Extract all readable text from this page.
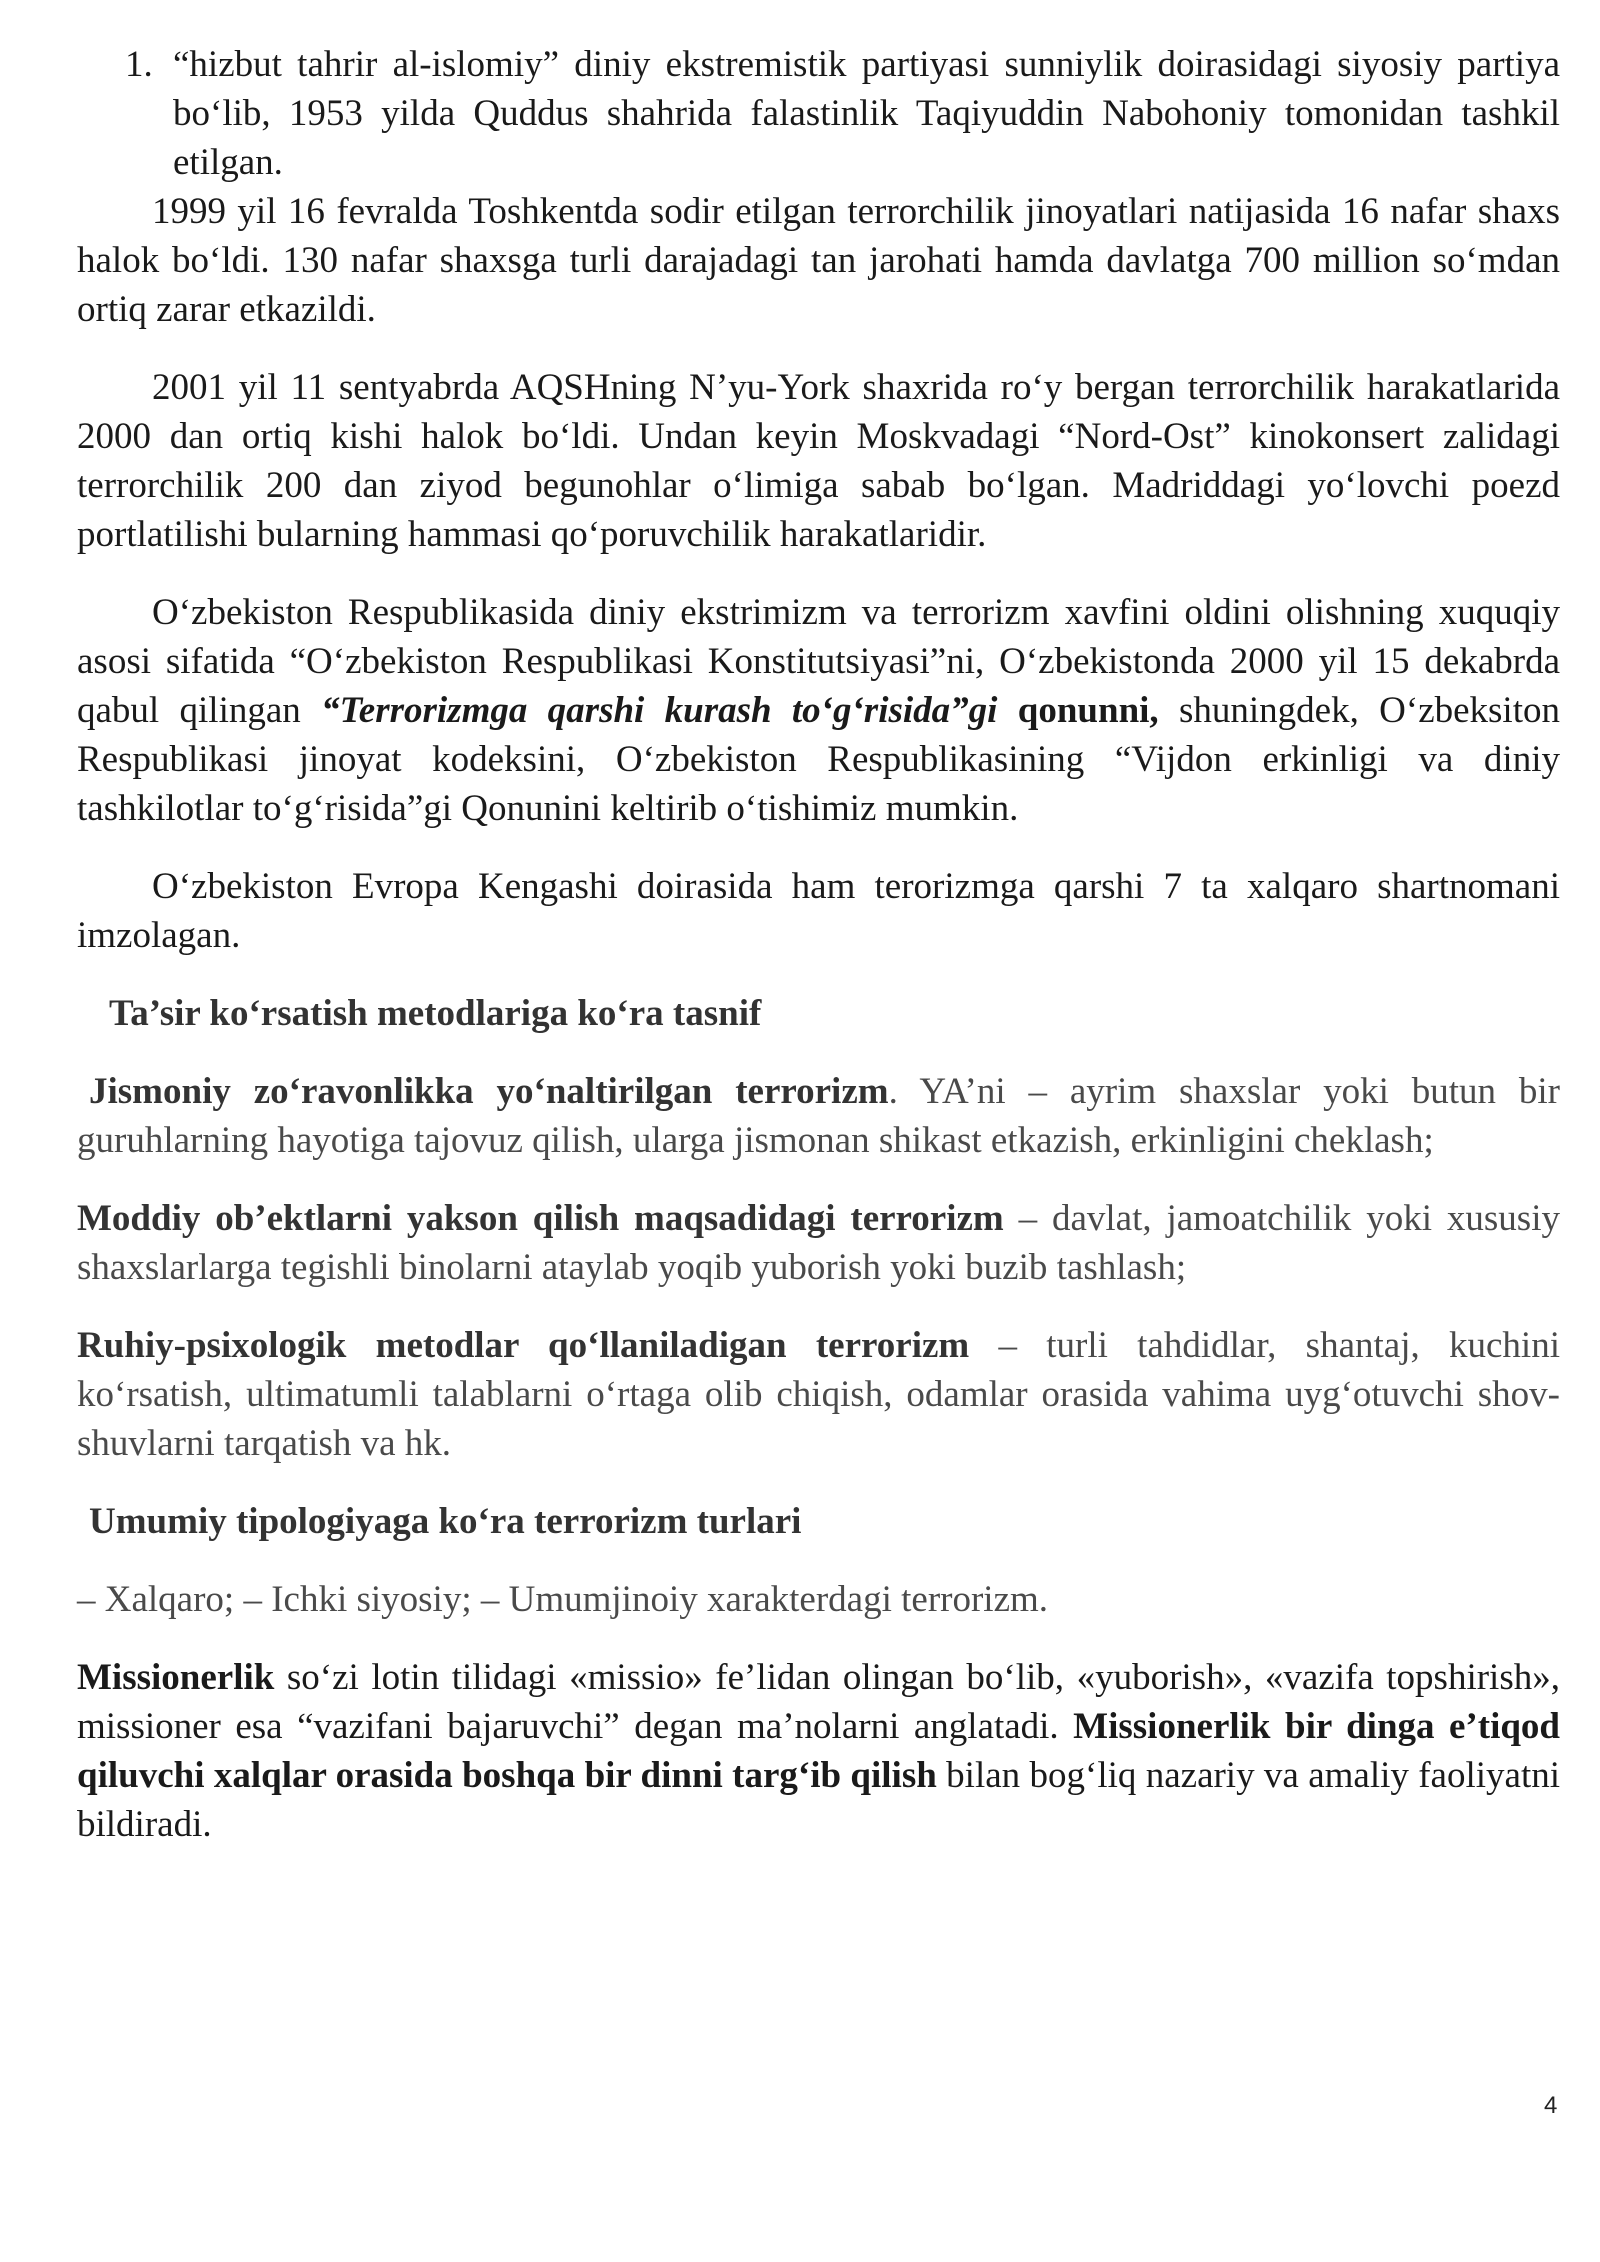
1. “hizbut tahrir al-islomiy” diniy ekstremistik partiyasi sunniylik doirasidagi siyosiy partiya bo‘lib, 1953 yilda Quddus shahrida falastinlik Taqiyuddin Nabohoniy tomonidan tashkil etilgan.

1999 yil 16 fevralda Toshkentda sodir etilgan terrorchilik jinoyatlari natijasida 16 nafar shaxs halok bo‘ldi. 130 nafar shaxsga turli darajadagi tan jarohati hamda davlatga 700 million so‘mdan ortiq zarar etkazildi.

2001 yil 11 sentyabrda AQSHning N’yu-York shaxrida ro‘y bergan terrorchilik harakatlarida 2000 dan ortiq kishi halok bo‘ldi. Undan keyin Moskvadagi “Nord-Ost” kinokonsert zalidagi terrorchilik 200 dan ziyod begunohlar o‘limiga sabab bo‘lgan. Madriddagi yo‘lovchi poezd portlatilishi bularning hammasi qo‘poruvchilik harakatlaridir.

O‘zbekiston Respublikasida diniy ekstrimizm va terrorizm xavfini oldini olishning xuquqiy asosi sifatida “O‘zbekiston Respublikasi Konstitutsiyasi”ni, O‘zbekistonda 2000 yil 15 dekabrda qabul qilingan “Terrorizmga qarshi kurash to‘g‘risida”gi qonunni, shuningdek, O‘zbeksiton Respublikasi jinoyat kodeksini, O‘zbekiston Respublikasining “Vijdon erkinligi va diniy tashkilotlar to‘g‘risida”gi Qonunini keltirib o‘tishimiz mumkin.

O‘zbekiston Evropa Kengashi doirasida ham terorizmga qarshi 7 ta xalqaro shartnomani imzolagan.

Ta’sir ko‘rsatish metodlariga ko‘ra tasnif

Jismoniy zo‘ravonlikka yo‘naltirilgan terrorizm. YA’ni – ayrim shaxslar yoki butun bir guruhlarning hayotiga tajovuz qilish, ularga jismonan shikast etkazish, erkinligini cheklash;

Moddiy ob’ektlarni yakson qilish maqsadidagi terrorizm – davlat, jamoatchilik yoki xususiy shaxslarlarga tegishli binolarni ataylab yoqib yuborish yoki buzib tashlash;

Ruhiy-psixologik metodlar qo‘llaniladigan terrorizm – turli tahdidlar, shantaj, kuchini ko‘rsatish, ultimatumli talablarni o‘rtaga olib chiqish, odamlar orasida vahima uyg‘otuvchi shov-shuvlarni tarqatish va hk.

Umumiy tipologiyaga ko‘ra terrorizm turlari

– Xalqaro; – Ichki siyosiy; – Umumjinoiy xarakterdagi terrorizm.

Missionerlik so‘zi lotin tilidagi «missio» fe’lidan olingan bo‘lib, «yuborish», «vazifa topshirish», missioner esa “vazifani bajaruvchi” degan ma’nolarni anglatadi. Missionerlik bir dinga e’tiqod qiluvchi xalqlar orasida boshqa bir dinni targ‘ib qilish bilan bog‘liq nazariy va amaliy faoliyatni bildiradi.

4
